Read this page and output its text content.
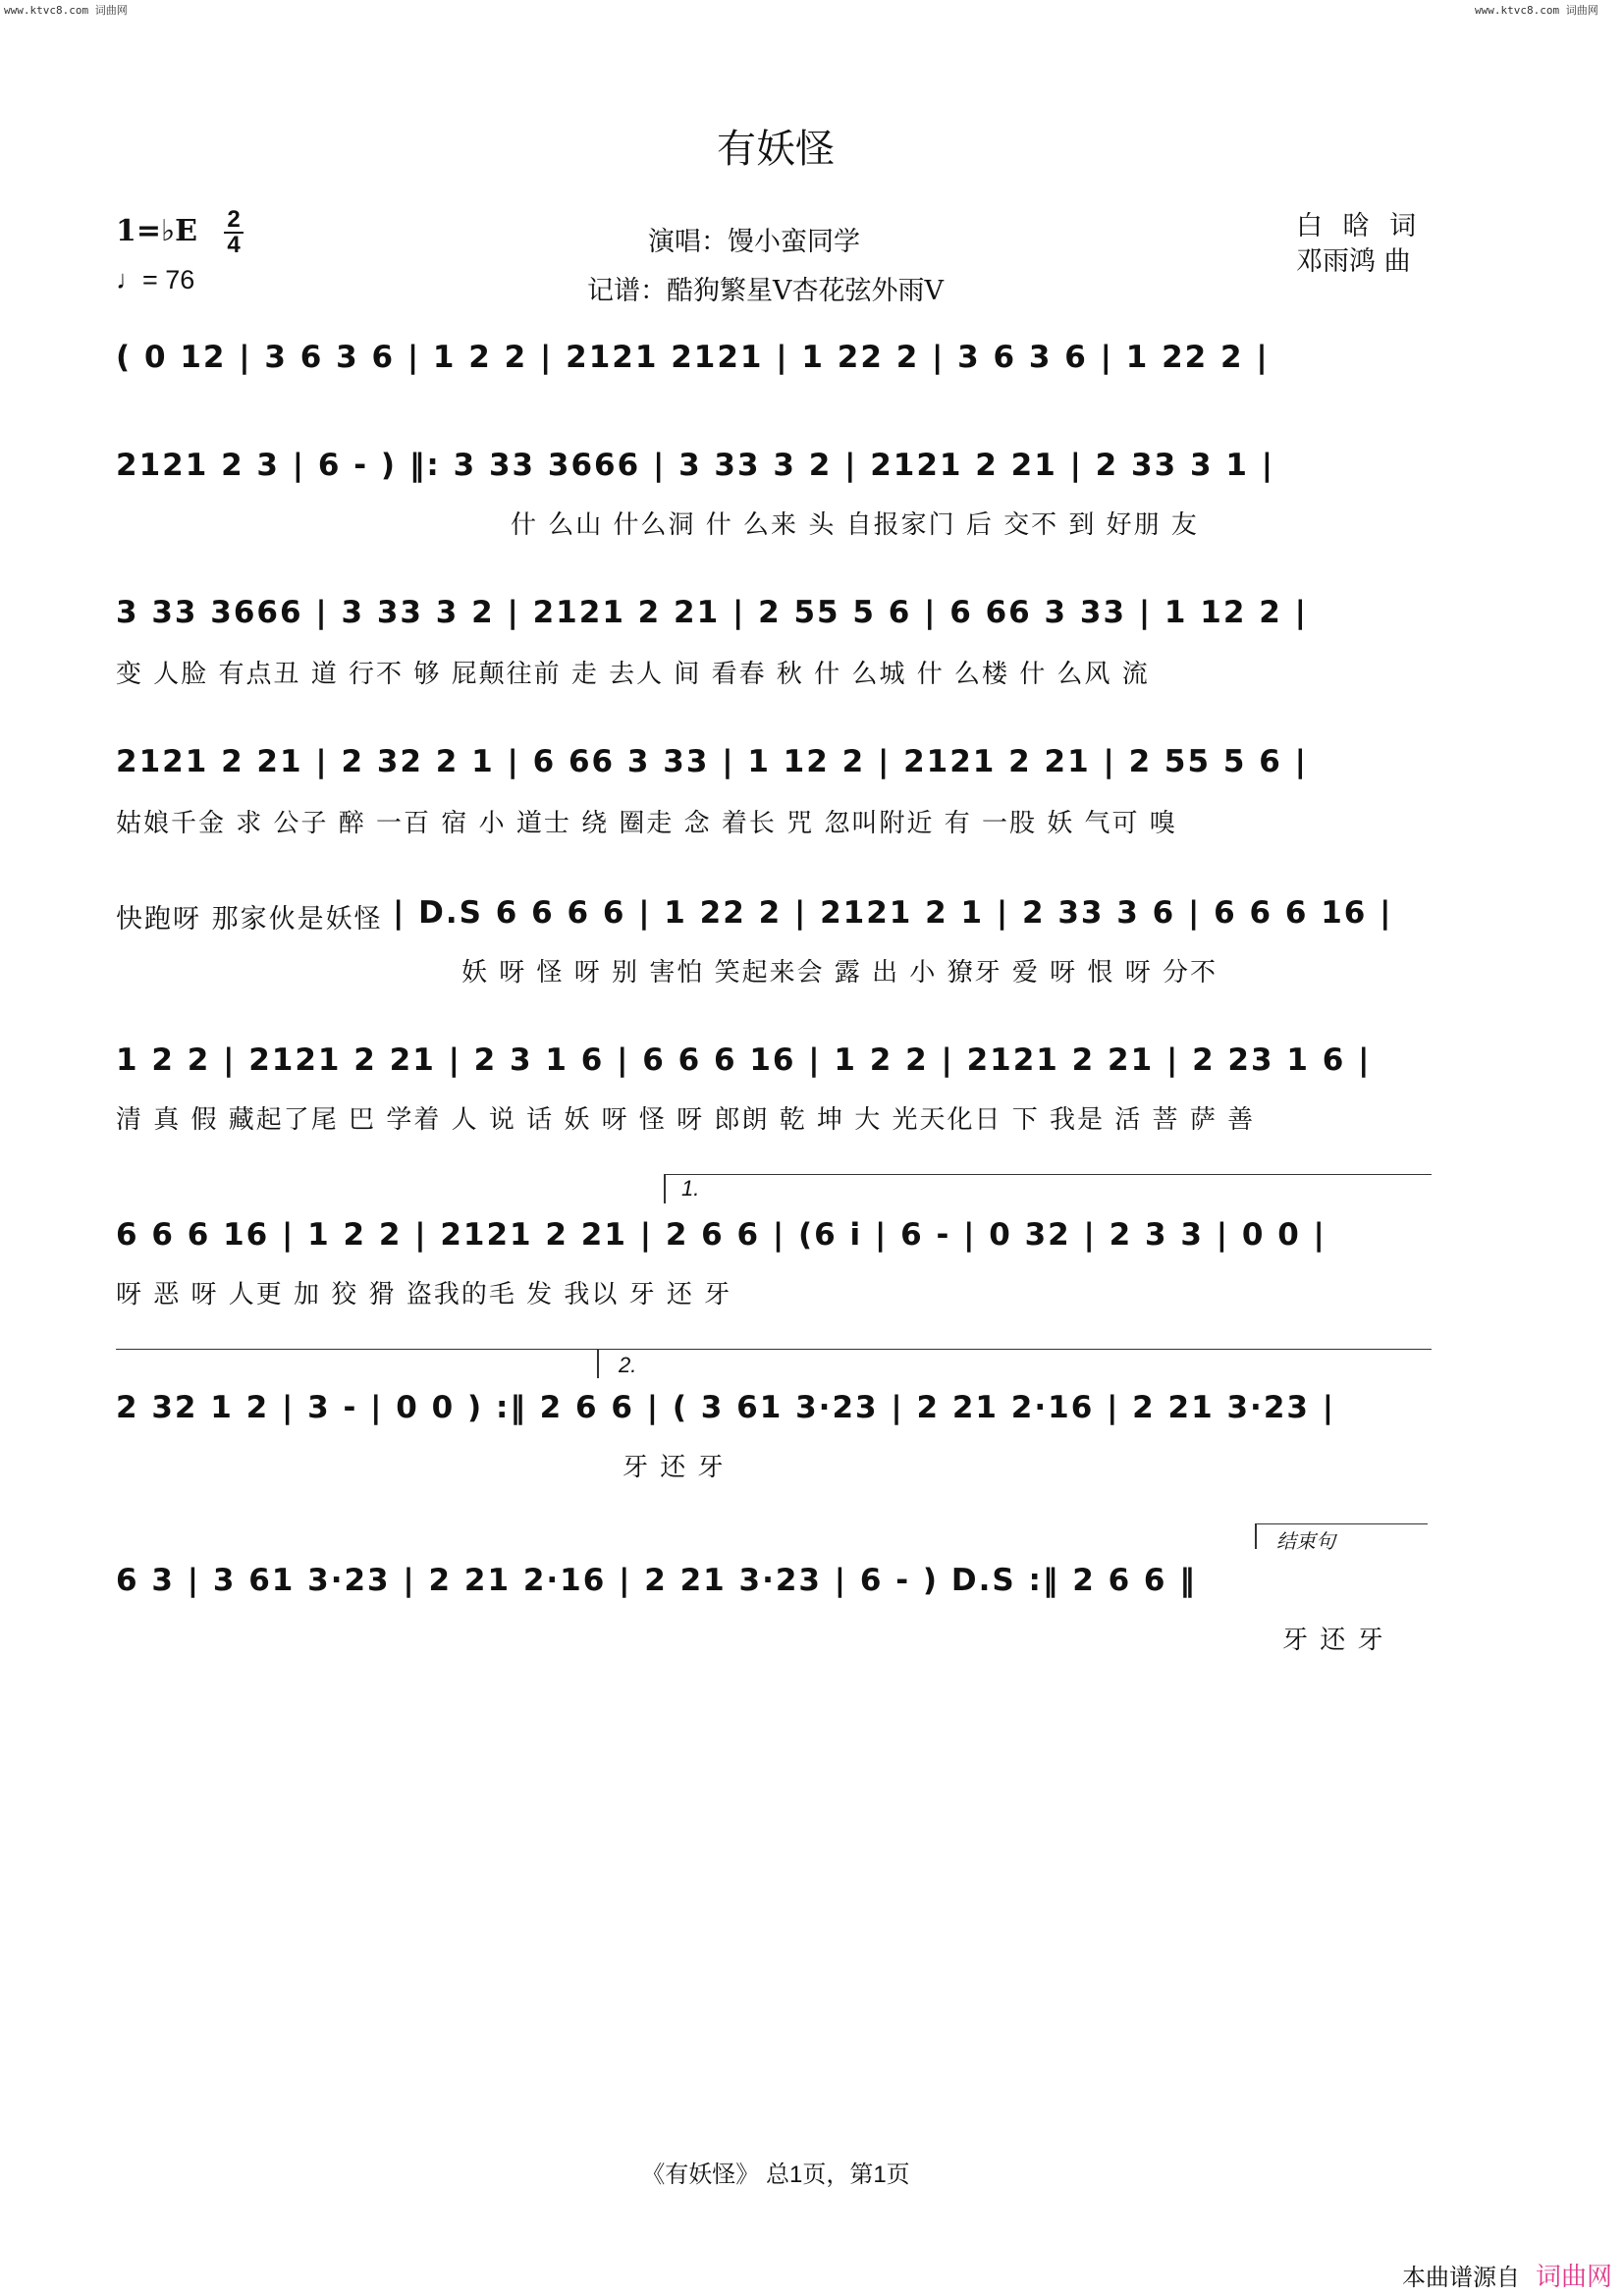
www.ktvc8.com 词曲网	www.ktvc8.com 词曲网
有妖怪
1=♭E 2
4
♩= 76
演唱：馒小蛮同学
记谱：酷狗繁星V杏花弦外雨V
白 晗 词
邓雨鸿 曲
( 0 12 | 3 6 3 6 | 1 2 2 | 2121 2121 | 1 22 2 | 3 6 3 6 | 1 22 2 |
2121 2 3 | 6 - ) ‖: 3 33 3666 | 3 33 3 2 | 2121 2 21 | 2 33 3 1 |
什 么山 什么洞 什 么来 头 自报家门 后 交不 到 好朋 友
3 33 3666 | 3 33 3 2 | 2121 2 21 | 2 55 5 6 | 6 66 3 33 | 1 12 2 |
变 人脸 有点丑 道 行不 够 屁颠往前 走 去人 间 看春 秋 什 么城 什 么楼 什 么风 流
2121 2 21 | 2 32 2 1 | 6 66 3 33 | 1 12 2 | 2121 2 21 | 2 55 5 6 |
姑娘千金 求 公子 醉 一百 宿 小 道士 绕 圈走 念 着长 咒 忽叫附近 有 一股 妖 气可 嗅
快跑呀 那家伙是妖怪 | D.S 6 6 6 6 | 1 22 2 | 2121 2 1 | 2 33 3 6 | 6 6 6 16 |
妖 呀 怪 呀 别 害怕 笑起来会 露 出 小 獠牙 爱 呀 恨 呀 分不
1 2 2 | 2121 2 21 | 2 3 1 6 | 6 6 6 16 | 1 2 2 | 2121 2 21 | 2 23 1 6 |
清 真 假 藏起了尾 巴 学着 人 说 话 妖 呀 怪 呀 郎朗 乾 坤 大 光天化日 下 我是 活 菩 萨 善
1.
6 6 6 16 | 1 2 2 | 2121 2 21 | 2 6 6 | (6 i | 6 - | 0 32 | 2 3 3 | 0 0 |
呀 恶 呀 人更 加 狡 猾 盗我的毛 发 我以 牙 还 牙
2.
2 32 1 2 | 3 - | 0 0 ) :‖ 2 6 6 | ( 3 61 3·23 | 2 21 2·16 | 2 21 3·23 |
牙 还 牙
结束句
6 3 | 3 61 3·23 | 2 21 2·16 | 2 21 3·23 | 6 - ) D.S :‖ 2 6 6 ‖
牙 还 牙
《有妖怪》 总1页，第1页
本曲谱源自 词曲网
